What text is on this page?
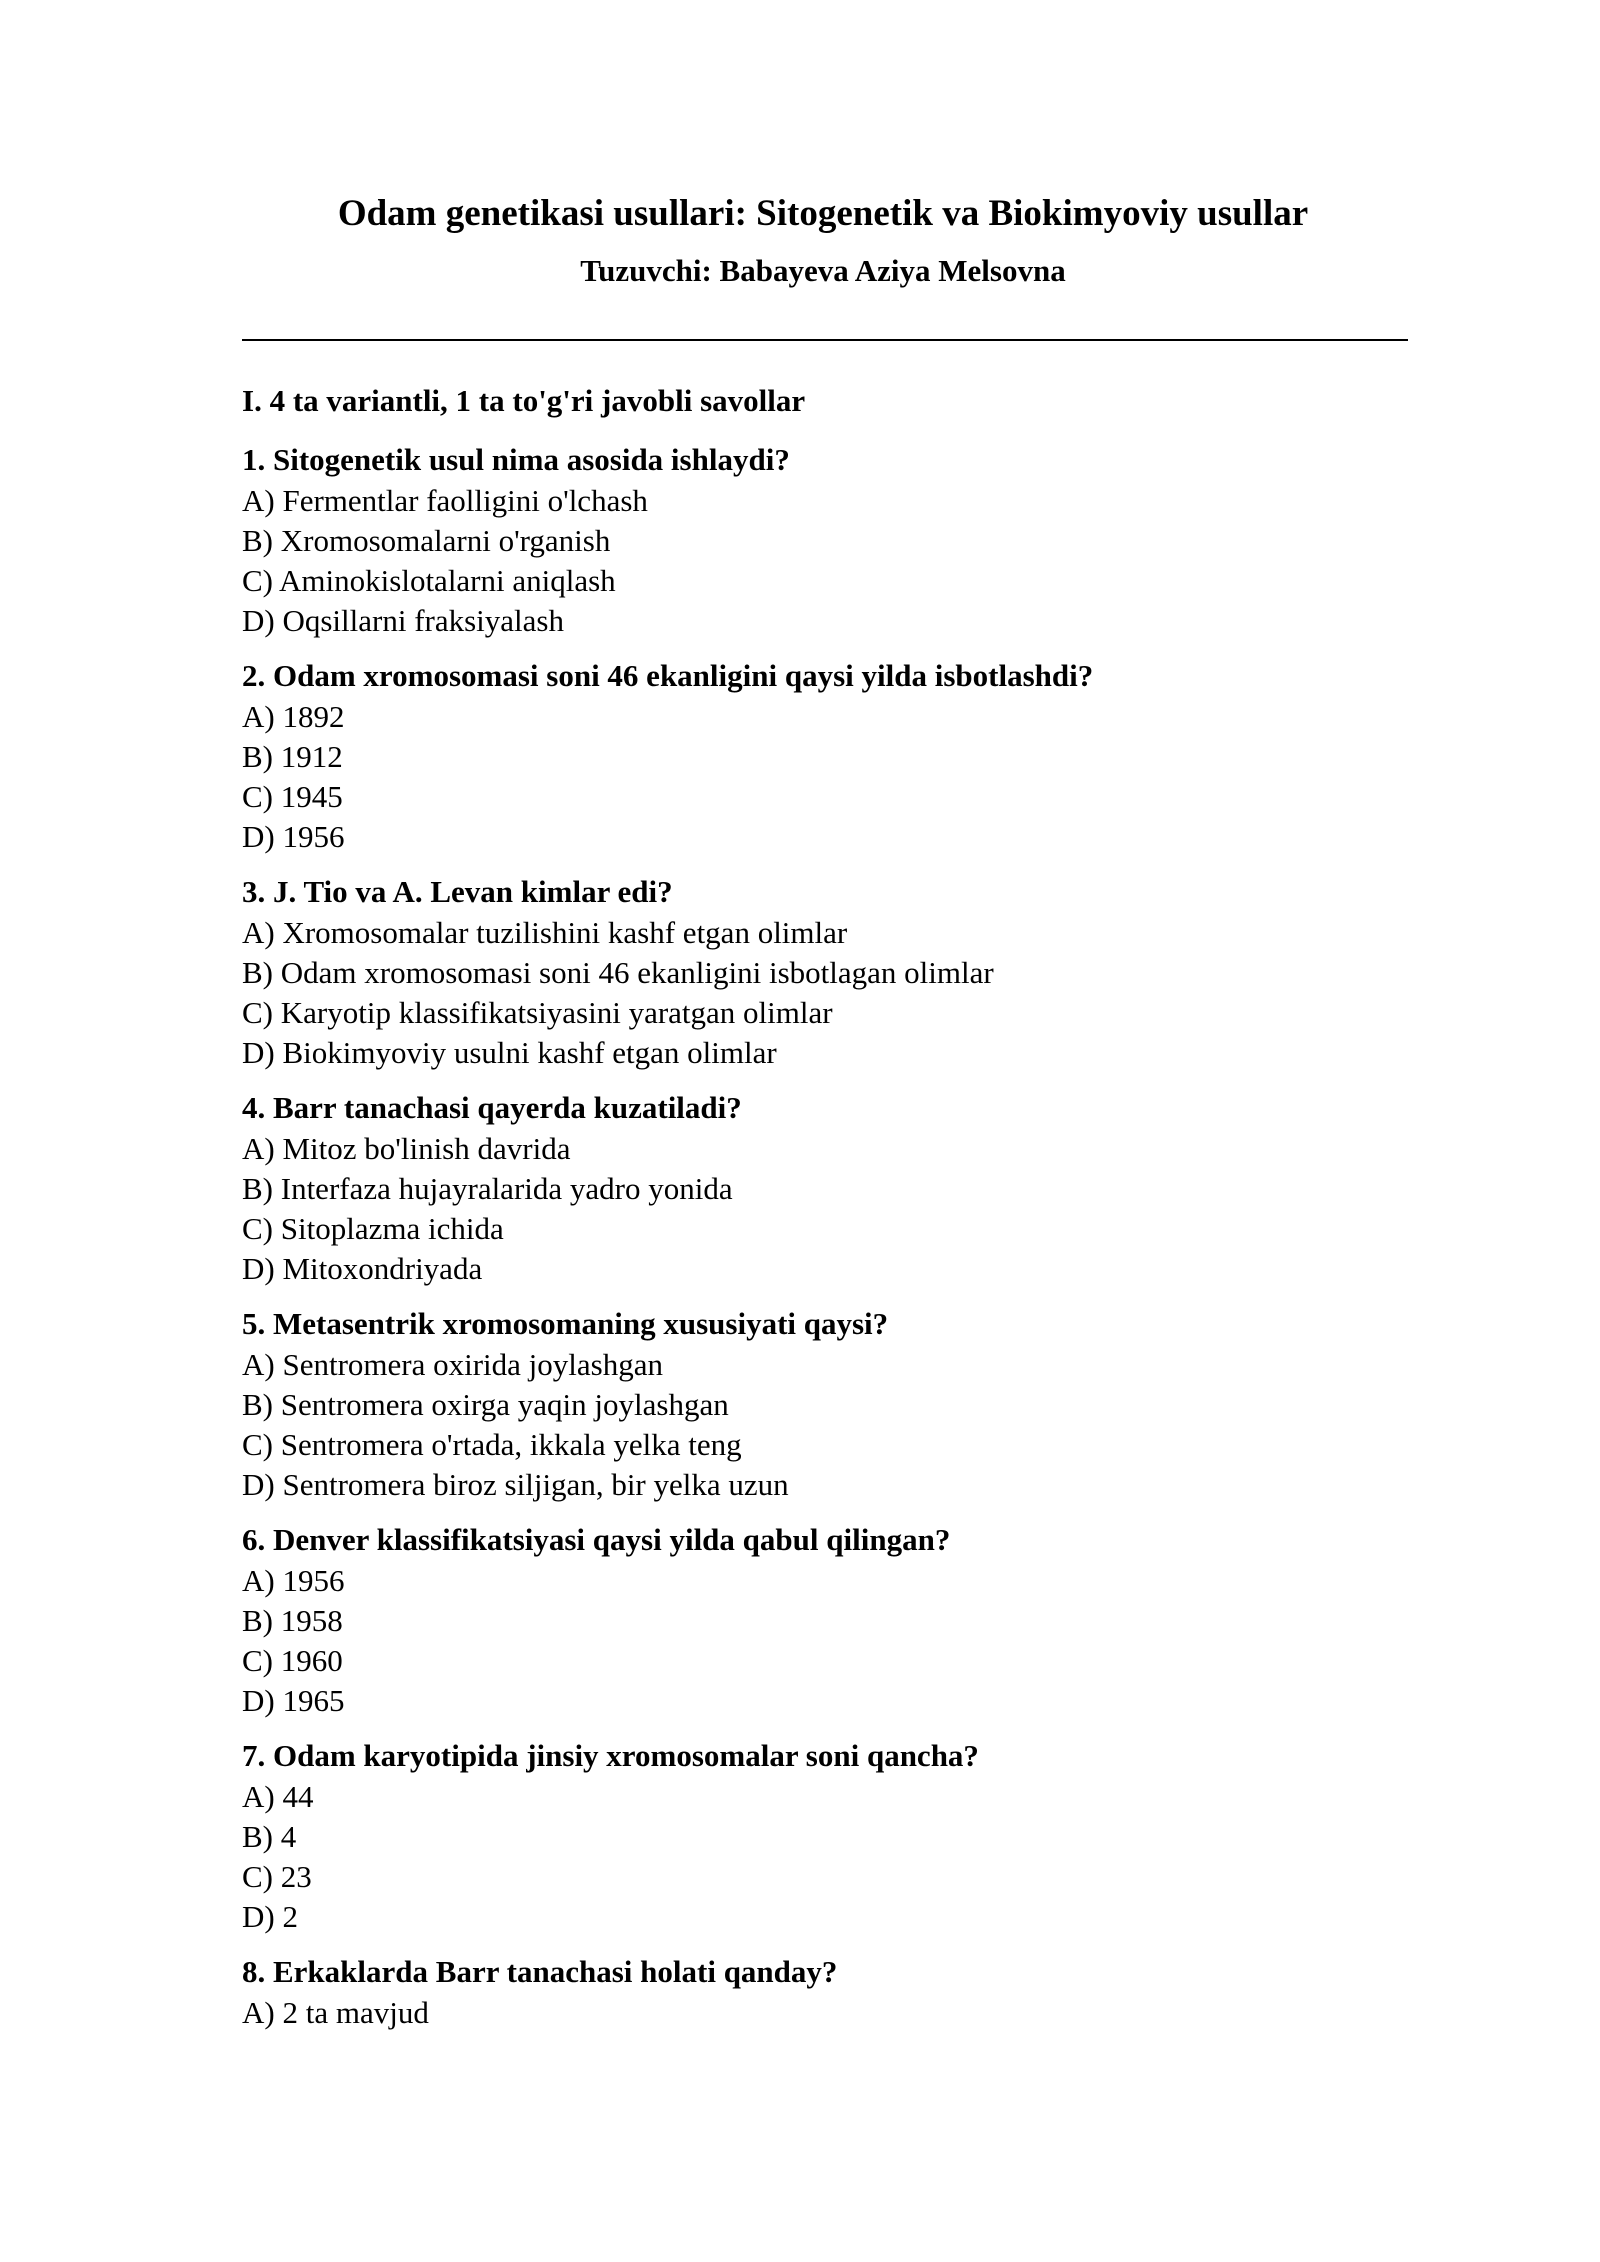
Odam genetikasi usullari: Sitogenetik va Biokimyoviy usullar
Tuzuvchi: Babayeva Aziya Melsovna
I. 4 ta variantli, 1 ta to'g'ri javobli savollar
1. Sitogenetik usul nima asosida ishlaydi?
A) Fermentlar faolligini o'lchash
B) Xromosomalarni o'rganish
C) Aminokislotalarni aniqlash
D) Oqsillarni fraksiyalash
2. Odam xromosomasi soni 46 ekanligini qaysi yilda isbotlashdi?
A) 1892
B) 1912
C) 1945
D) 1956
3. J. Tio va A. Levan kimlar edi?
A) Xromosomalar tuzilishini kashf etgan olimlar
B) Odam xromosomasi soni 46 ekanligini isbotlagan olimlar
C) Karyotip klassifikatsiyasini yaratgan olimlar
D) Biokimyoviy usulni kashf etgan olimlar
4. Barr tanachasi qayerda kuzatiladi?
A) Mitoz bo'linish davrida
B) Interfaza hujayralarida yadro yonida
C) Sitoplazma ichida
D) Mitoxondriyada
5. Metasentrik xromosomaning xususiyati qaysi?
A) Sentromera oxirida joylashgan
B) Sentromera oxirga yaqin joylashgan
C) Sentromera o'rtada, ikkala yelka teng
D) Sentromera biroz siljigan, bir yelka uzun
6. Denver klassifikatsiyasi qaysi yilda qabul qilingan?
A) 1956
B) 1958
C) 1960
D) 1965
7. Odam karyotipida jinsiy xromosomalar soni qancha?
A) 44
B) 4
C) 23
D) 2
8. Erkaklarda Barr tanachasi holati qanday?
A) 2 ta mavjud
